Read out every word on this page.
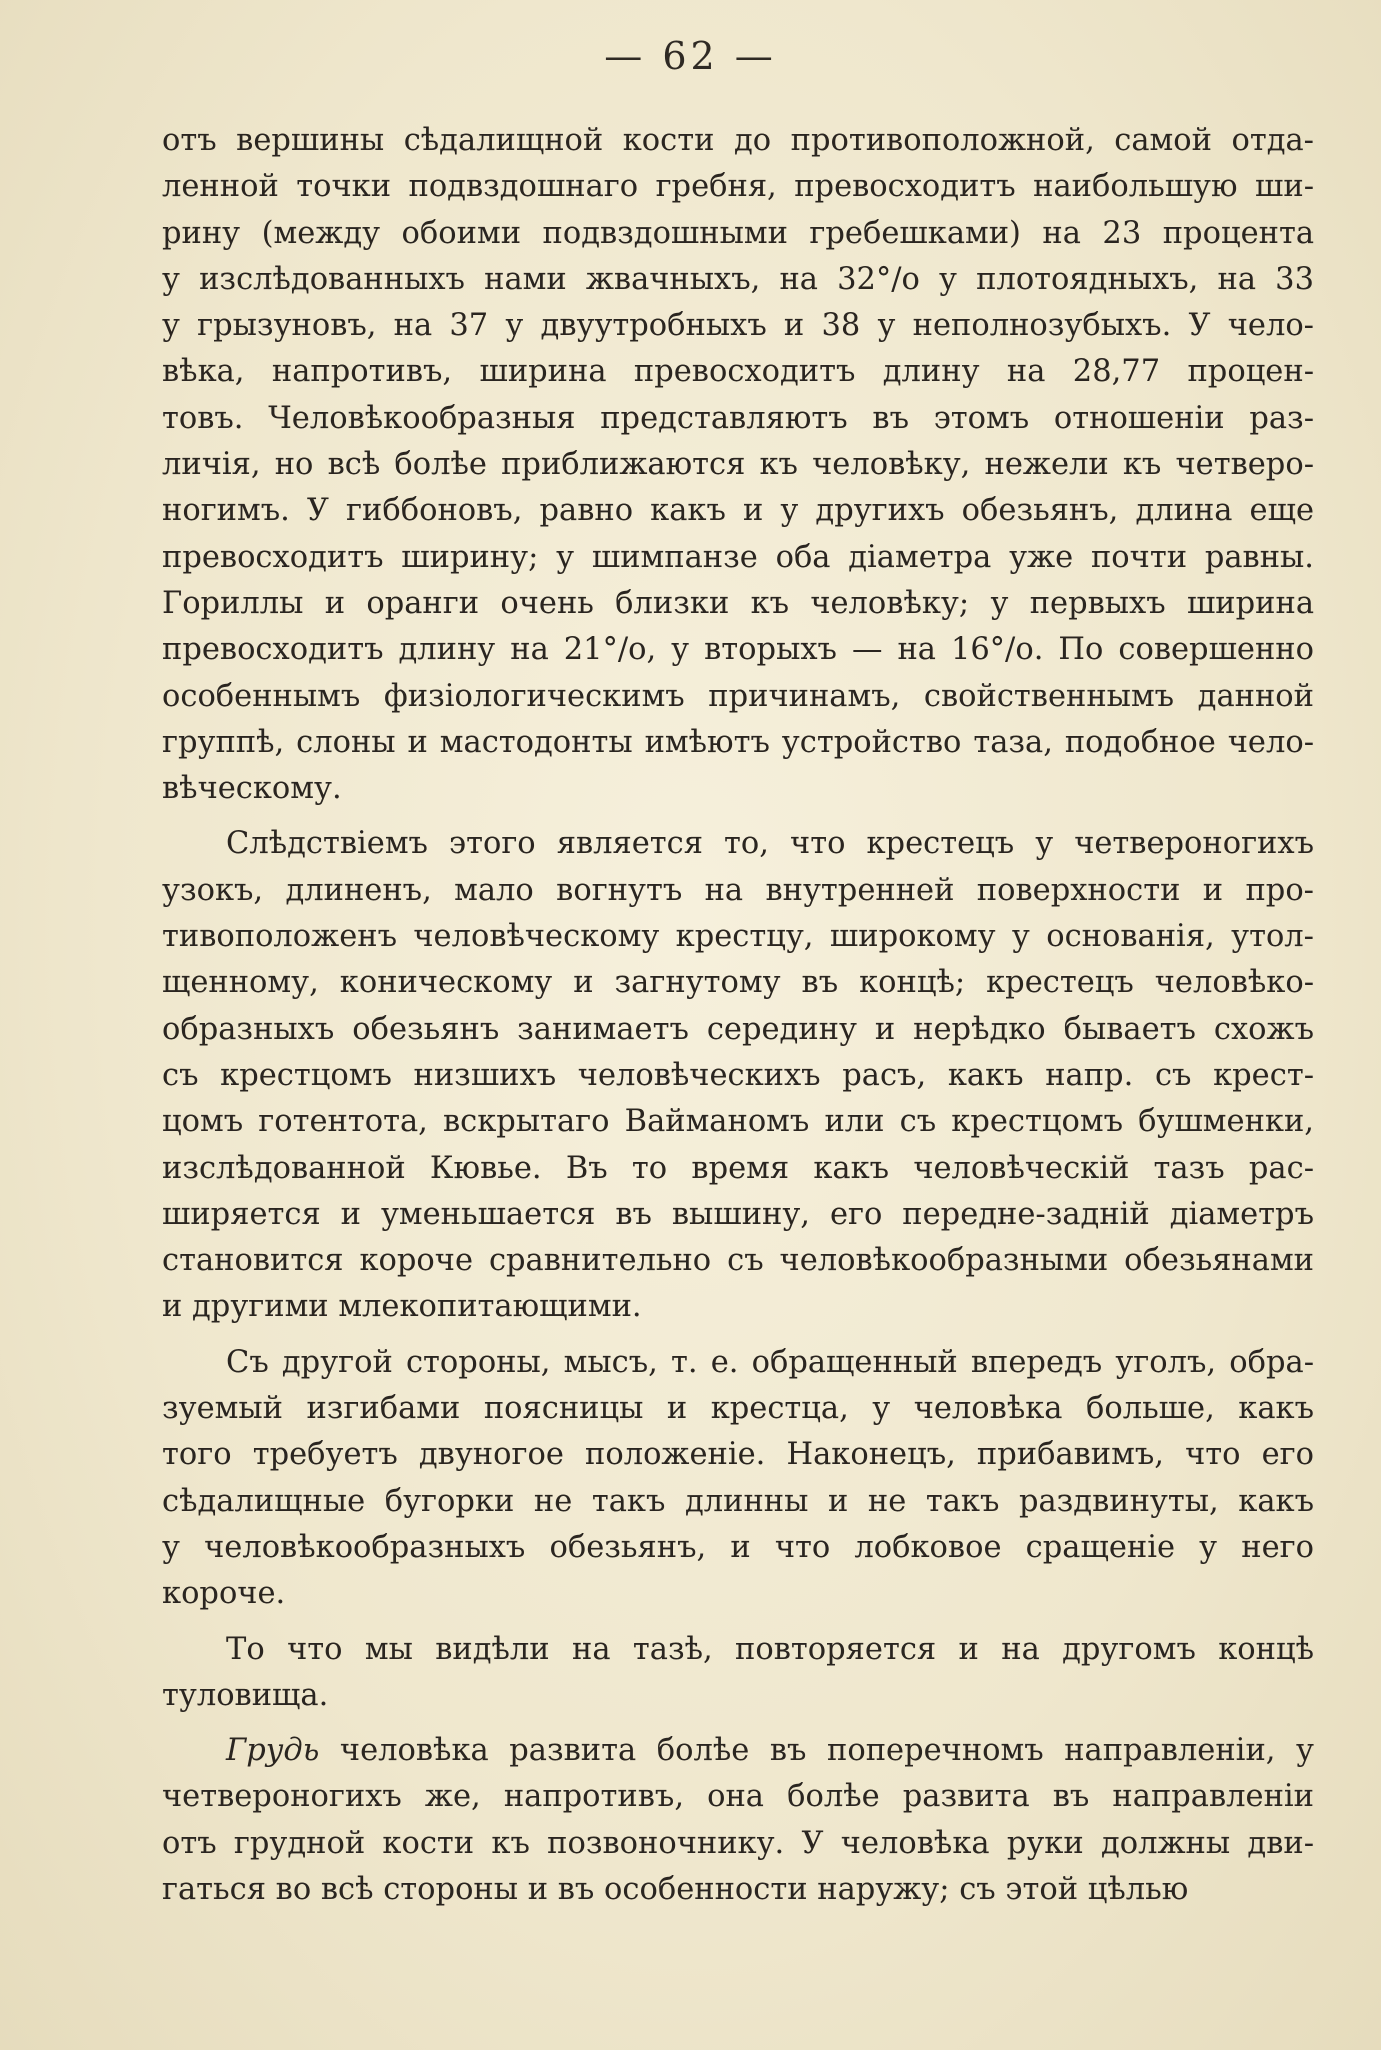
— 62 —
отъ вершины сѣдалищной кости до противоположной, самой отда-
ленной точки подвздошнаго гребня, превосходитъ наибольшую ши-
рину (между обоими подвздошными гребешками) на 23 процента
у изслѣдованныхъ нами жвачныхъ, на 32°/о у плотоядныхъ, на 33
у грызуновъ, на 37 у двуутробныхъ и 38 у неполнозубыхъ. У чело-
вѣка, напротивъ, ширина превосходитъ длину на 28,77 процен-
товъ. Человѣкообразныя представляютъ въ этомъ отношеніи раз-
личія, но всѣ болѣе приближаются къ человѣку, нежели къ четверо-
ногимъ. У гиббоновъ, равно какъ и у другихъ обезьянъ, длина еще
превосходитъ ширину; у шимпанзе оба діаметра уже почти равны.
Гориллы и оранги очень близки къ человѣку; у первыхъ ширина
превосходитъ длину на 21°/о, у вторыхъ — на 16°/о. По совершенно
особеннымъ физіологическимъ причинамъ, свойственнымъ данной
группѣ, слоны и мастодонты имѣютъ устройство таза, подобное чело-
вѣческому.
Слѣдствіемъ этого является то, что крестецъ у четвероногихъ
узокъ, длиненъ, мало вогнутъ на внутренней поверхности и про-
тивоположенъ человѣческому крестцу, широкому у основанія, утол-
щенному, коническому и загнутому въ концѣ; крестецъ человѣко-
образныхъ обезьянъ занимаетъ середину и нерѣдко бываетъ схожъ
съ крестцомъ низшихъ человѣческихъ расъ, какъ напр. съ крест-
цомъ готентота, вскрытаго Вайманомъ или съ крестцомъ бушменки,
изслѣдованной Кювье. Въ то время какъ человѣческій тазъ рас-
ширяется и уменьшается въ вышину, его передне-задній діаметръ
становится короче сравнительно съ человѣкообразными обезьянами
и другими млекопитающими.
Съ другой стороны, мысъ, т. е. обращенный впередъ уголъ, обра-
зуемый изгибами поясницы и крестца, у человѣка больше, какъ
того требуетъ двуногое положеніе. Наконецъ, прибавимъ, что его
сѣдалищные бугорки не такъ длинны и не такъ раздвинуты, какъ
у человѣкообразныхъ обезьянъ, и что лобковое сращеніе у него
короче.
То что мы видѣли на тазѣ, повторяется и на другомъ концѣ
туловища.
Грудь человѣка развита болѣе въ поперечномъ направленіи, у
четвероногихъ же, напротивъ, она болѣе развита въ направленіи
отъ грудной кости къ позвоночнику. У человѣка руки должны дви-
гаться во всѣ стороны и въ особенности наружу; съ этой цѣлью
